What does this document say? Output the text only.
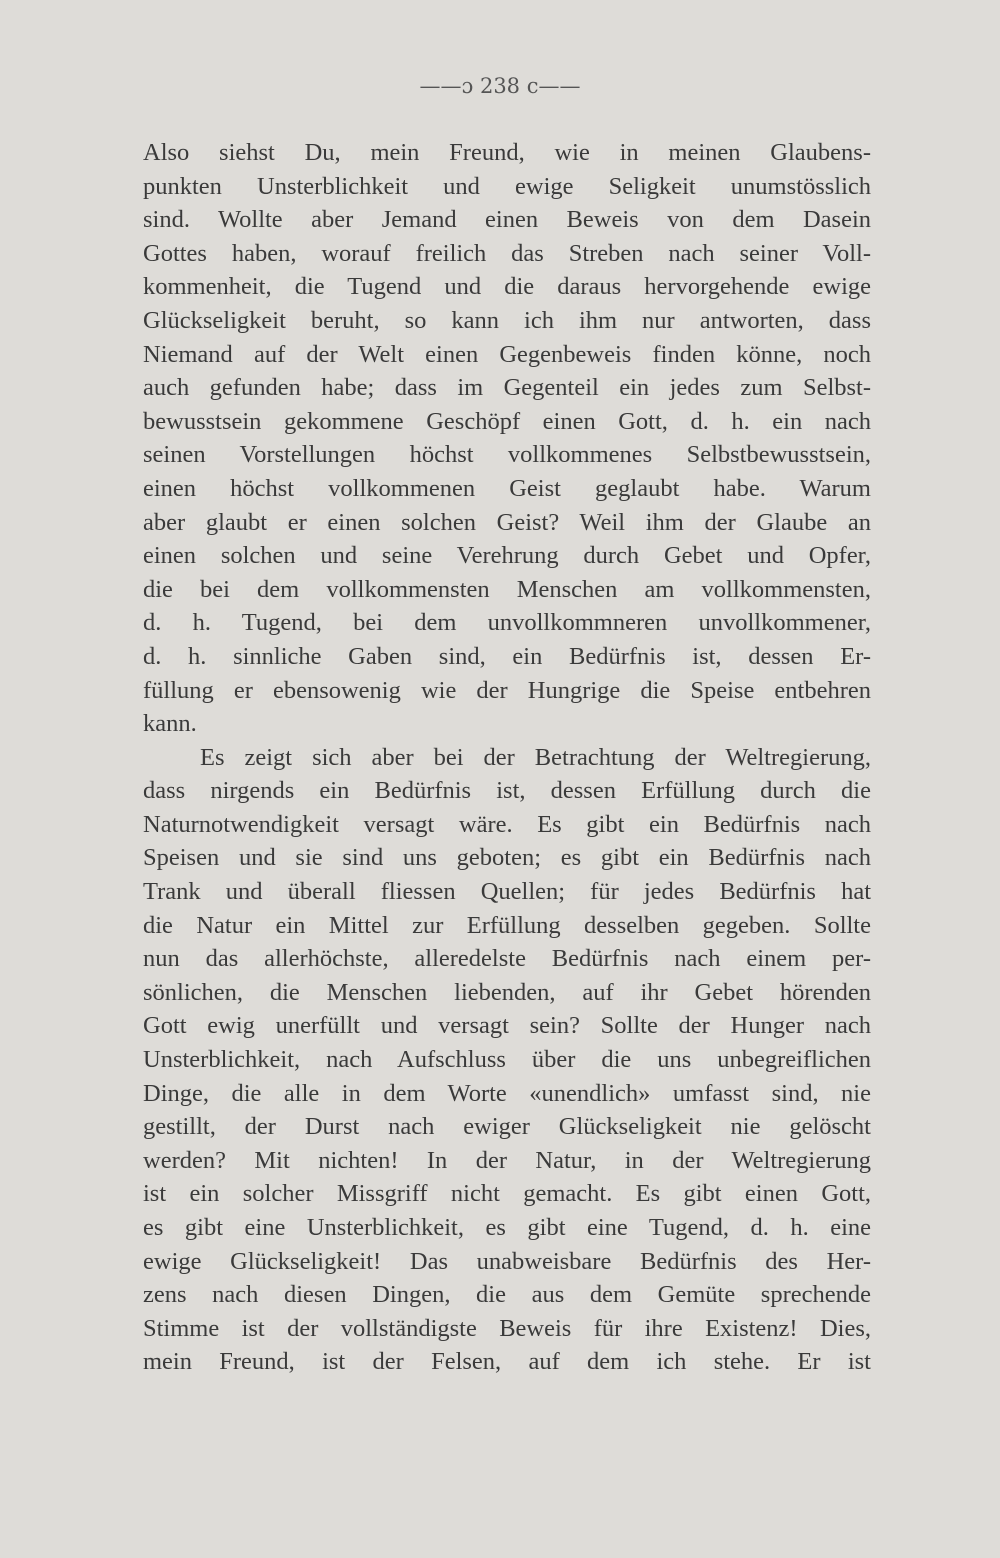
——ɔ 238 c——
Also siehst Du, mein Freund, wie in meinen Glaubens-
punkten Unsterblichkeit und ewige Seligkeit unumstösslich
sind. Wollte aber Jemand einen Beweis von dem Dasein
Gottes haben, worauf freilich das Streben nach seiner Voll-
kommenheit, die Tugend und die daraus hervorgehende ewige
Glückseligkeit beruht, so kann ich ihm nur antworten, dass
Niemand auf der Welt einen Gegenbeweis finden könne, noch
auch gefunden habe; dass im Gegenteil ein jedes zum Selbst-
bewusstsein gekommene Geschöpf einen Gott, d. h. ein nach
seinen Vorstellungen höchst vollkommenes Selbstbewusstsein,
einen höchst vollkommenen Geist geglaubt habe. Warum
aber glaubt er einen solchen Geist? Weil ihm der Glaube an
einen solchen und seine Verehrung durch Gebet und Opfer,
die bei dem vollkommensten Menschen am vollkommensten,
d. h. Tugend, bei dem unvollkommneren unvollkommener,
d. h. sinnliche Gaben sind, ein Bedürfnis ist, dessen Er-
füllung er ebensowenig wie der Hungrige die Speise entbehren
kann.
Es zeigt sich aber bei der Betrachtung der Weltregierung,
dass nirgends ein Bedürfnis ist, dessen Erfüllung durch die
Naturnotwendigkeit versagt wäre. Es gibt ein Bedürfnis nach
Speisen und sie sind uns geboten; es gibt ein Bedürfnis nach
Trank und überall fliessen Quellen; für jedes Bedürfnis hat
die Natur ein Mittel zur Erfüllung desselben gegeben. Sollte
nun das allerhöchste, alleredelste Bedürfnis nach einem per-
sönlichen, die Menschen liebenden, auf ihr Gebet hörenden
Gott ewig unerfüllt und versagt sein? Sollte der Hunger nach
Unsterblichkeit, nach Aufschluss über die uns unbegreiflichen
Dinge, die alle in dem Worte «unendlich» umfasst sind, nie
gestillt, der Durst nach ewiger Glückseligkeit nie gelöscht
werden? Mit nichten! In der Natur, in der Weltregierung
ist ein solcher Missgriff nicht gemacht. Es gibt einen Gott,
es gibt eine Unsterblichkeit, es gibt eine Tugend, d. h. eine
ewige Glückseligkeit! Das unabweisbare Bedürfnis des Her-
zens nach diesen Dingen, die aus dem Gemüte sprechende
Stimme ist der vollständigste Beweis für ihre Existenz! Dies,
mein Freund, ist der Felsen, auf dem ich stehe. Er ist
